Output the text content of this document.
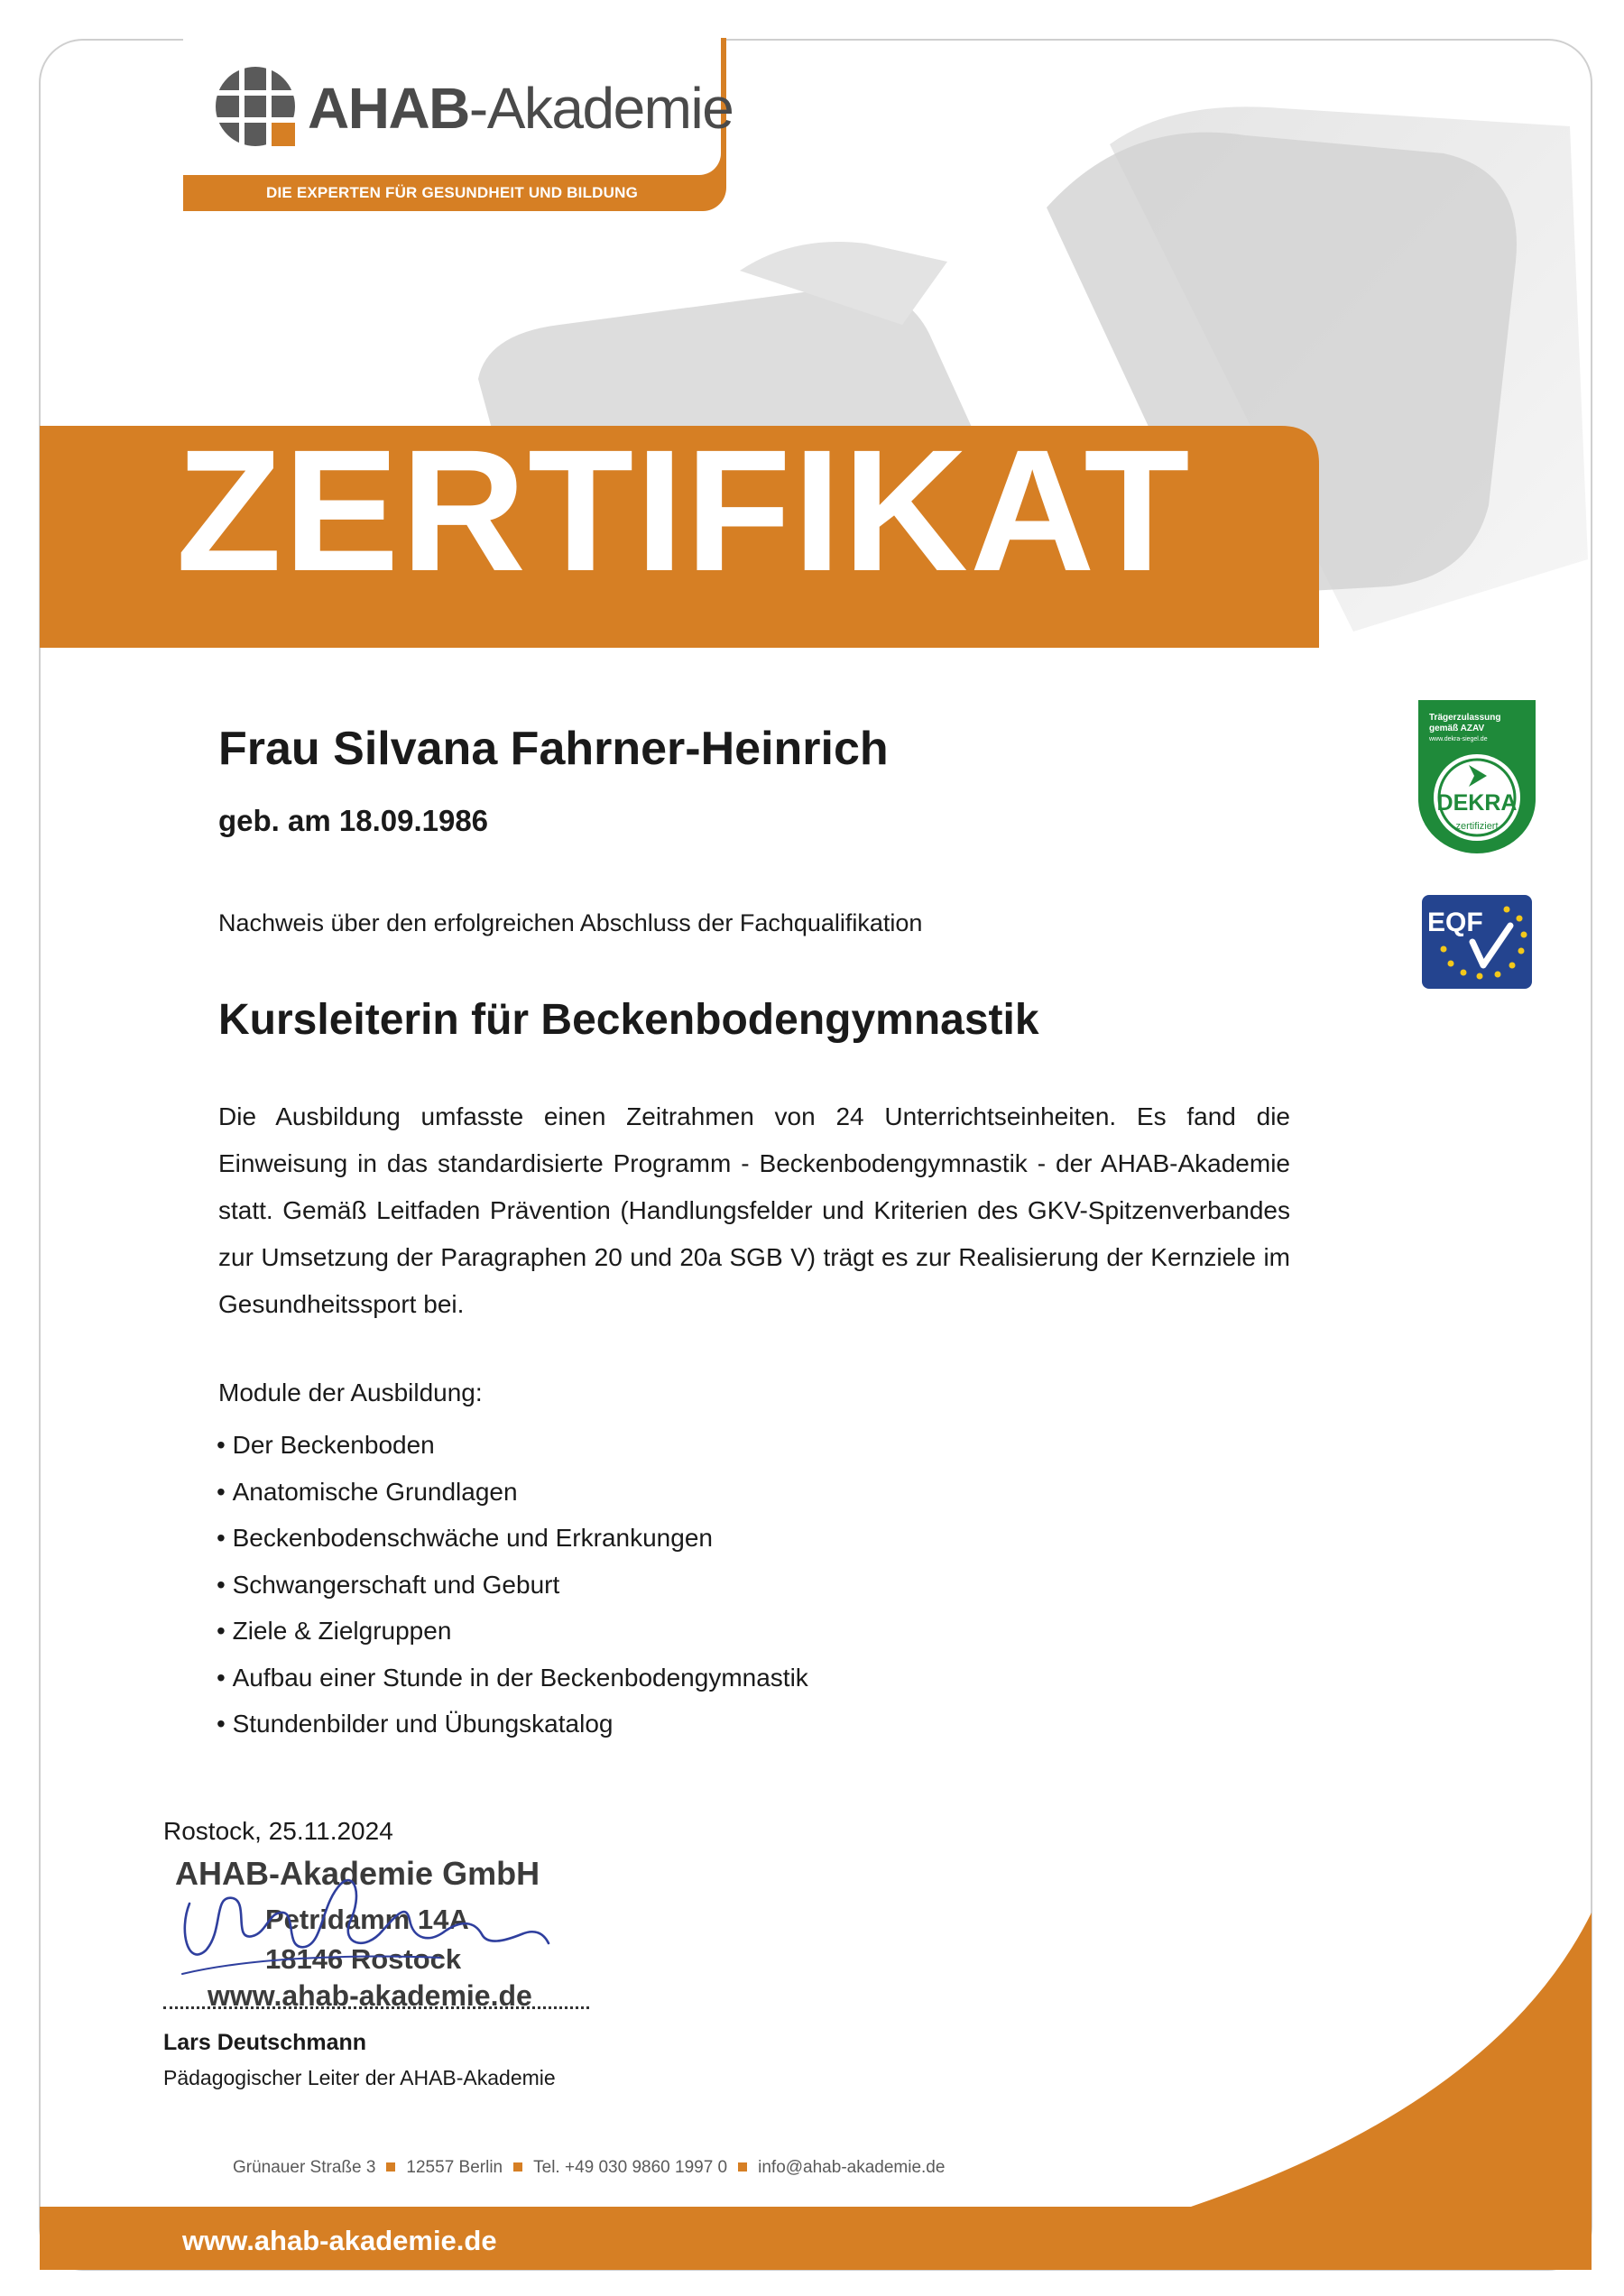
AHAB-Akademie
DIE EXPERTEN FÜR GESUNDHEIT UND BILDUNG
ZERTIFIKAT
Trägerzulassung
gemäß AZAV
www.dekra-siegel.de
DEKRA
zertifiziert
EQF
Frau Silvana Fahrner-Heinrich
geb. am 18.09.1986
Nachweis über den erfolgreichen Abschluss der Fachqualifikation
Kursleiterin für Beckenbodengymnastik

Die Ausbildung umfasste einen Zeitrahmen von 24 Unterrichtseinheiten. Es fand die Einweisung in das standardisierte Programm - Beckenbodengymnastik - der AHAB-Akademie statt. Gemäß Leitfaden Prävention (Handlungsfelder und Kriterien des GKV-Spitzenverbandes zur Umsetzung der Paragraphen 20 und 20a SGB V) trägt es zur Realisierung der Kernziele im Gesundheitssport bei.

Module der Ausbildung:
• Der Beckenboden
• Anatomische Grundlagen
• Beckenbodenschwäche und Erkrankungen
• Schwangerschaft und Geburt
• Ziele & Zielgruppen
• Aufbau einer Stunde in der Beckenbodengymnastik
• Stundenbilder und Übungskatalog
Rostock, 25.11.2024
AHAB-Akademie GmbH
Petridamm 14A
18146 Rostock
www.ahab-akademie.de
Lars Deutschmann
Pädagogischer Leiter der AHAB-Akademie
Grünauer Straße 3 12557 Berlin Tel. +49 030 9860 1997 0 info@ahab-akademie.de
www.ahab-akademie.de
